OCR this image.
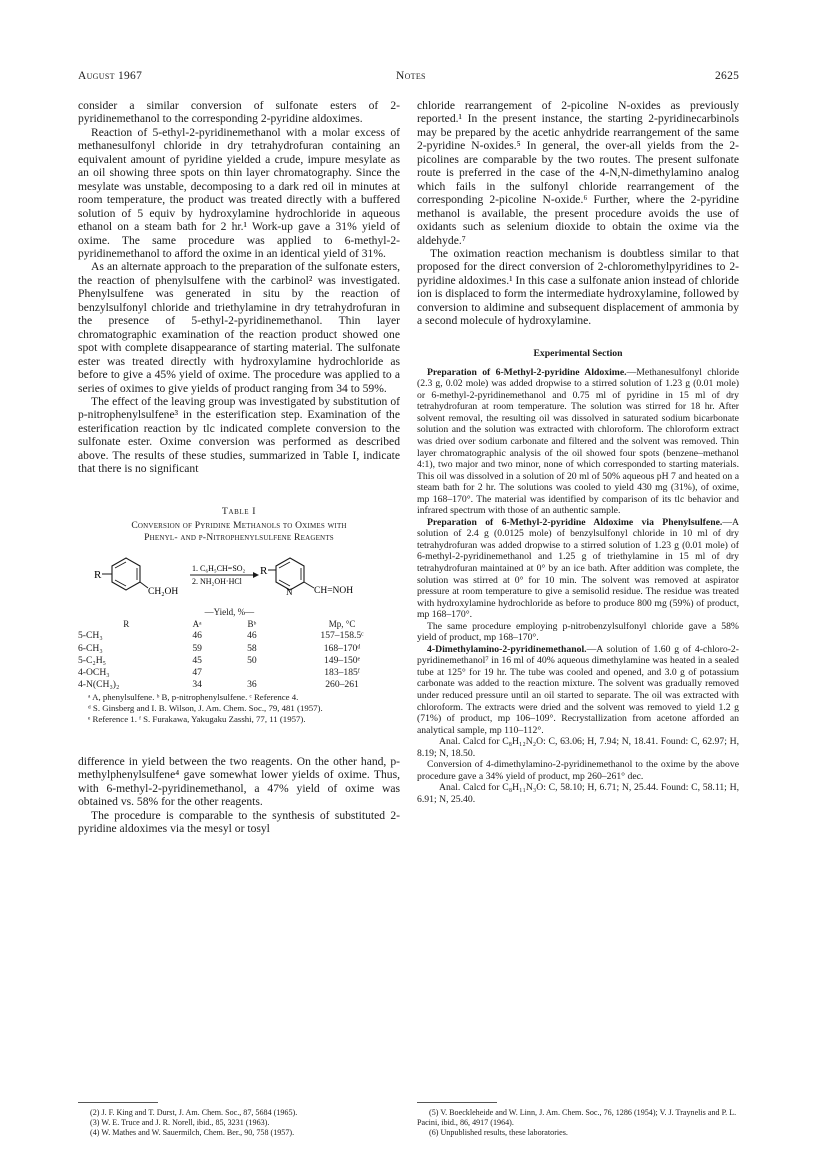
August 1967	Notes	2625

consider a similar conversion of sulfonate esters of 2-pyridinemethanol to the corresponding 2-pyridine aldoximes.

Reaction of 5-ethyl-2-pyridinemethanol with a molar excess of methanesulfonyl chloride in dry tetrahydrofuran containing an equivalent amount of pyridine yielded a crude, impure mesylate as an oil showing three spots on thin layer chromatography. Since the mesylate was unstable, decomposing to a dark red oil in minutes at room temperature, the product was treated directly with a buffered solution of 5 equiv by hydroxylamine hydrochloride in aqueous ethanol on a steam bath for 2 hr.¹ Work-up gave a 31% yield of oxime. The same procedure was applied to 6-methyl-2-pyridinemethanol to afford the oxime in an identical yield of 31%.

As an alternate approach to the preparation of the sulfonate esters, the reaction of phenylsulfene with the carbinol² was investigated. Phenylsulfene was generated in situ by the reaction of benzylsulfonyl chloride and triethylamine in dry tetrahydrofuran in the presence of 5-ethyl-2-pyridinemethanol. Thin layer chromatographic examination of the reaction product showed one spot with complete disappearance of starting material. The sulfonate ester was treated directly with hydroxylamine hydrochloride as before to give a 45% yield of oxime. The procedure was applied to a series of oximes to give yields of product ranging from 34 to 59%.

The effect of the leaving group was investigated by substitution of p-nitrophenylsulfene³ in the esterification step. Examination of the esterification reaction by tlc indicated complete conversion to the sulfonate ester. Oxime conversion was performed as described above. The results of these studies, summarized in Table I, indicate that there is no significant

Table I
Conversion of Pyridine Methanols to Oximes with
Phenyl- and p-Nitrophenylsulfene Reagents
R
CH₂OH
1. C₆H₅CH=SO₂
2. NH₂OH·HCl
R
N CH=NOH
	—Yield, %—		
R	Aᵃ	Bᵇ	Mp, °C
5-CH₃	46	46	157–158.5ᶜ
6-CH₃	59	58	168–170ᵈ
5-C₂H₅	45	50	149–150ᵉ
4-OCH₃	47		183–185ᶠ
4-N(CH₃)₂	34	36	260–261
ᵃ A, phenylsulfene. ᵇ B, p-nitrophenylsulfene. ᶜ Reference 4.
ᵈ S. Ginsberg and I. B. Wilson, J. Am. Chem. Soc., 79, 481 (1957).
ᵉ Reference 1. ᶠ S. Furakawa, Yakugaku Zasshi, 77, 11 (1957).

difference in yield between the two reagents. On the other hand, p-methylphenylsulfene⁴ gave somewhat lower yields of oxime. Thus, with 6-methyl-2-pyridinemethanol, a 47% yield of oxime was obtained vs. 58% for the other reagents.

The procedure is comparable to the synthesis of substituted 2-pyridine aldoximes via the mesyl or tosyl

chloride rearrangement of 2-picoline N-oxides as previously reported.¹ In the present instance, the starting 2-pyridinecarbinols may be prepared by the acetic anhydride rearrangement of the same 2-pyridine N-oxides.⁵ In general, the over-all yields from the 2-picolines are comparable by the two routes. The present sulfonate route is preferred in the case of the 4-N,N-dimethylamino analog which fails in the sulfonyl chloride rearrangement of the corresponding 2-picoline N-oxide.⁶ Further, where the 2-pyridine methanol is available, the present procedure avoids the use of oxidants such as selenium dioxide to obtain the oxime via the aldehyde.⁷

The oximation reaction mechanism is doubtless similar to that proposed for the direct conversion of 2-chloromethylpyridines to 2-pyridine aldoximes.¹ In this case a sulfonate anion instead of chloride ion is displaced to form the intermediate hydroxylamine, followed by conversion to aldimine and subsequent displacement of ammonia by a second molecule of hydroxylamine.

Experimental Section

Preparation of 6-Methyl-2-pyridine Aldoxime.—Methanesulfonyl chloride (2.3 g, 0.02 mole) was added dropwise to a stirred solution of 1.23 g (0.01 mole) or 6-methyl-2-pyridinemethanol and 0.75 ml of pyridine in 15 ml of dry tetrahydrofuran at room temperature. The solution was stirred for 18 hr. After solvent removal, the resulting oil was dissolved in saturated sodium bicarbonate solution and the solution was extracted with chloroform. The chloroform extract was dried over sodium carbonate and filtered and the solvent was removed. Thin layer chromatographic analysis of the oil showed four spots (benzene–methanol 4:1), two major and two minor, none of which corresponded to starting materials. This oil was dissolved in a solution of 20 ml of 50% aqueous pH 7 and heated on a steam bath for 2 hr. The solutions was cooled to yield 430 mg (31%), of oxime, mp 168–170°. The material was identified by comparison of its tlc behavior and infrared spectrum with those of an authentic sample.

Preparation of 6-Methyl-2-pyridine Aldoxime via Phenylsulfene.—A solution of 2.4 g (0.0125 mole) of benzylsulfonyl chloride in 10 ml of dry tetrahydrofuran was added dropwise to a stirred solution of 1.23 g (0.01 mole) of 6-methyl-2-pyridinemethanol and 1.25 g of triethylamine in 15 ml of dry tetrahydrofuran maintained at 0° by an ice bath. After addition was complete, the solution was stirred at 0° for 10 min. The solvent was removed at aspirator pressure at room temperature to give a semisolid residue. The residue was treated with hydroxylamine hydrochloride as before to produce 800 mg (59%) of product, mp 168–170°.

The same procedure employing p-nitrobenzylsulfonyl chloride gave a 58% yield of product, mp 168–170°.

4-Dimethylamino-2-pyridinemethanol.—A solution of 1.60 g of 4-chloro-2-pyridinemethanol⁷ in 16 ml of 40% aqueous dimethylamine was heated in a sealed tube at 125° for 19 hr. The tube was cooled and opened, and 3.0 g of potassium carbonate was added to the reaction mixture. The solvent was gradually removed under reduced pressure until an oil started to separate. The oil was extracted with chloroform. The extracts were dried and the solvent was removed to yield 1.2 g (71%) of product, mp 106–109°. Recrystallization from acetone afforded an analytical sample, mp 110–112°.

Anal. Calcd for C₈H₁₂N₂O: C, 63.06; H, 7.94; N, 18.41. Found: C, 62.97; H, 8.19; N, 18.50.

Conversion of 4-dimethylamino-2-pyridinemethanol to the oxime by the above procedure gave a 34% yield of product, mp 260–261° dec.

Anal. Calcd for C₈H₁₁N₃O: C, 58.10; H, 6.71; N, 25.44. Found: C, 58.11; H, 6.91; N, 25.40.

(2) J. F. King and T. Durst, J. Am. Chem. Soc., 87, 5684 (1965).
(3) W. E. Truce and J. R. Norell, ibid., 85, 3231 (1963).
(4) W. Mathes and W. Sauermilch, Chem. Ber., 90, 758 (1957).
(5) V. Boeckleheide and W. Linn, J. Am. Chem. Soc., 76, 1286 (1954); V. J. Traynelis and P. L. Pacini, ibid., 86, 4917 (1964).
(6) Unpublished results, these laboratories.
